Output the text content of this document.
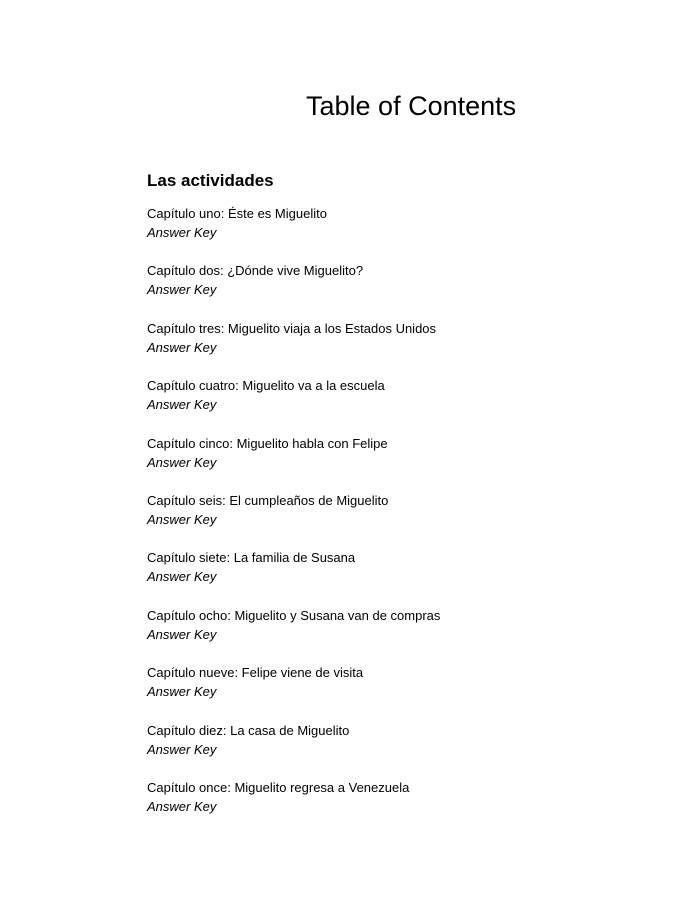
Table of Contents
Las actividades
Capítulo uno: Éste es Miguelito
Answer Key
Capítulo dos: ¿Dónde vive Miguelito?
Answer Key
Capítulo tres: Miguelito viaja a los Estados Unidos
Answer Key
Capítulo cuatro: Miguelito va a la escuela
Answer Key
Capítulo cinco: Miguelito habla con Felipe
Answer Key
Capítulo seis: El cumpleaños de Miguelito
Answer Key
Capítulo siete: La familia de Susana
Answer Key
Capítulo ocho: Miguelito y Susana van de compras
Answer Key
Capítulo nueve: Felipe viene de visita
Answer Key
Capítulo diez: La casa de Miguelito
Answer Key
Capítulo once: Miguelito regresa a Venezuela
Answer Key
